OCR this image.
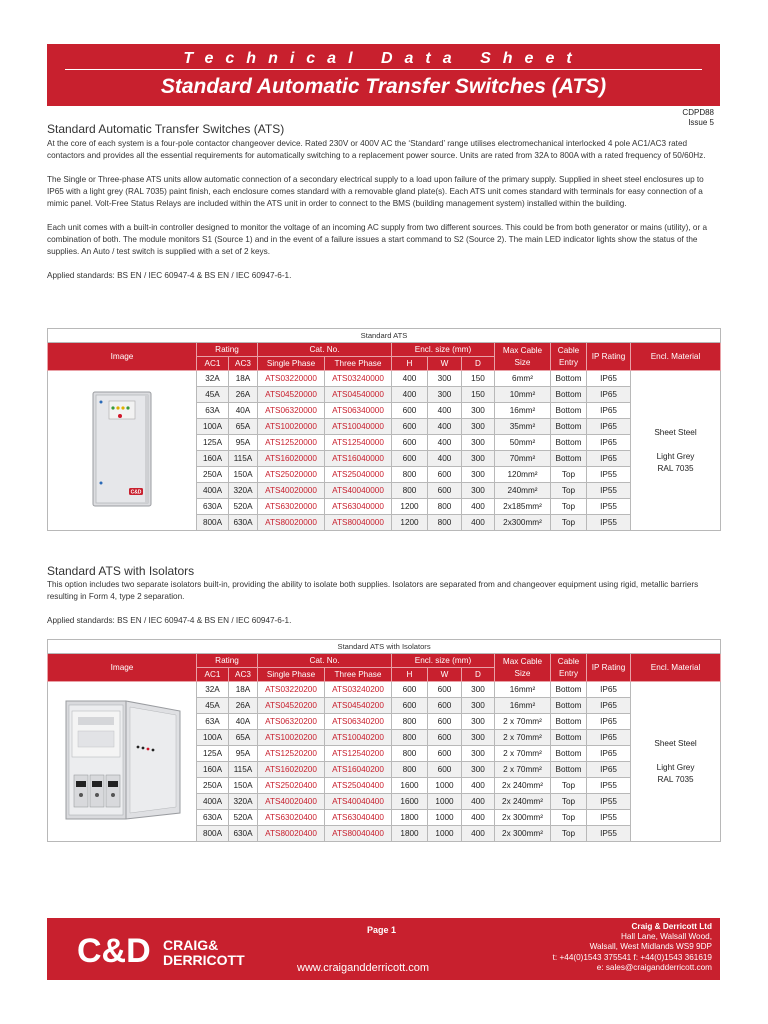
Technical Data Sheet
Standard Automatic Transfer Switches (ATS)
CDPD88
Issue 5
Standard Automatic Transfer Switches (ATS)

At the core of each system is a four-pole contactor changeover device. Rated 230V or 400V AC the ‘Standard’ range utilises electromechanical interlocked 4 pole AC1/AC3 rated contactors and provides all the essential requirements for automatically switching to a replacement power source. Units are rated from 32A to 800A with a rated frequency of 50/60Hz.

The Single or Three-phase ATS units allow automatic connection of a secondary electrical supply to a load upon failure of the primary supply. Supplied in sheet steel enclosures up to IP65 with a light grey (RAL 7035) paint finish, each enclosure comes standard with a removable gland plate(s). Each ATS unit comes standard with terminals for easy connection of a mimic panel. Volt-Free Status Relays are included within the ATS unit in order to connect to the BMS (building management system) installed within the building.

Each unit comes with a built-in controller designed to monitor the voltage of an incoming AC supply from two different sources. This could be from both generator or mains (utility), or a combination of both. The module monitors S1 (Source 1) and in the event of a failure issues a start command to S2 (Source 2). The main LED indicator lights show the status of the supplies. An Auto / test switch is supplied with a set of 2 keys.

Applied standards: BS EN / IEC 60947-4 & BS EN / IEC 60947-6-1.

Standard ATS											
Image	Rating		Cat. No.		Encl. size (mm)			Max Cable Size	Cable Entry	IP Rating	Encl. Material
	AC1	AC3	Single Phase	Three Phase	H	W	D				

C&D	32A	18A	ATS03220000	ATS03240000	400	300	150	6mm²	Bottom	IP65	Sheet Steel
Light Grey
RAL 7035

	45A	26A	ATS04520000	ATS04540000	400	300	150	10mm²	Bottom	IP65	
	63A	40A	ATS06320000	ATS06340000	600	400	300	16mm²	Bottom	IP65	
	100A	65A	ATS10020000	ATS10040000	600	400	300	35mm²	Bottom	IP65	
	125A	95A	ATS12520000	ATS12540000	600	400	300	50mm²	Bottom	IP65	
	160A	115A	ATS16020000	ATS16040000	600	400	300	70mm²	Bottom	IP65	
	250A	150A	ATS25020000	ATS25040000	800	600	300	120mm²	Top	IP55	
	400A	320A	ATS40020000	ATS40040000	800	600	300	240mm²	Top	IP55	
	630A	520A	ATS63020000	ATS63040000	1200	800	400	2x185mm²	Top	IP55	
	800A	630A	ATS80020000	ATS80040000	1200	800	400	2x300mm²	Top	IP55	
Standard ATS with Isolators

This option includes two separate isolators built-in, providing the ability to isolate both supplies. Isolators are separated from and changeover equipment using rigid, metallic barriers resulting in Form 4, type 2 separation.

Applied standards: BS EN / IEC 60947-4 & BS EN / IEC 60947-6-1.

Standard ATS with Isolators											
Image	Rating		Cat. No.		Encl. size (mm)			Max Cable Size	Cable Entry	IP Rating	Encl. Material
	AC1	AC3	Single Phase	Three Phase	H	W	D				
	32A	18A	ATS03220200	ATS03240200	600	600	300	16mm²	Bottom	IP65	Sheet Steel
Light Grey
RAL 7035

	45A	26A	ATS04520200	ATS04540200	600	600	300	16mm²	Bottom	IP65	
	63A	40A	ATS06320200	ATS06340200	800	600	300	2 x 70mm²	Bottom	IP65	
	100A	65A	ATS10020200	ATS10040200	800	600	300	2 x 70mm²	Bottom	IP65	
	125A	95A	ATS12520200	ATS12540200	800	600	300	2 x 70mm²	Bottom	IP65	
	160A	115A	ATS16020200	ATS16040200	800	600	300	2 x 70mm²	Bottom	IP65	
	250A	150A	ATS25020400	ATS25040400	1600	1000	400	2x 240mm²	Top	IP55	
	400A	320A	ATS40020400	ATS40040400	1600	1000	400	2x 240mm²	Top	IP55	
	630A	520A	ATS63020400	ATS63040400	1800	1000	400	2x 300mm²	Top	IP55	
	800A	630A	ATS80020400	ATS80040400	1800	1000	400	2x 300mm²	Top	IP55	
C&D CRAIG&
DERRICOTT
Page 1
www.craigandderricott.com
Craig & Derricott Ltd
Hall Lane, Walsall Wood,
Walsall, West Midlands WS9 9DP
t: +44(0)1543 375541 f: +44(0)1543 361619
e: sales@craigandderricott.com
